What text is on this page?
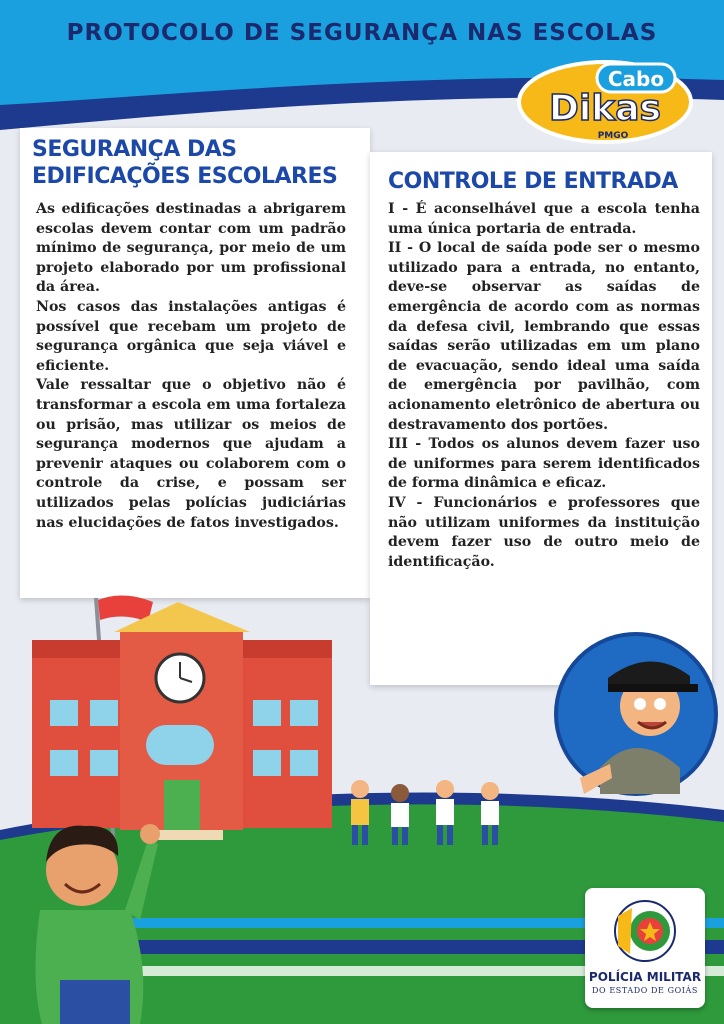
PROTOCOLO DE SEGURANÇA NAS ESCOLAS
Cabo
Dikas
PMGO
SEGURANÇA DAS
EDIFICAÇÕES ESCOLARES

As edificações destinadas a abrigarem escolas devem contar com um padrão mínimo de segurança, por meio de um projeto elaborado por um profissional da área.

Nos casos das instalações antigas é possível que recebam um projeto de segurança orgânica que seja viável e eficiente.

Vale ressaltar que o objetivo não é transformar a escola em uma fortaleza ou prisão, mas utilizar os meios de segurança modernos que ajudam a prevenir ataques ou colaborem com o controle da crise, e possam ser utilizados pelas polícias judiciárias nas elucidações de fatos investigados.

CONTROLE DE ENTRADA

I - É aconselhável que a escola tenha uma única portaria de entrada.

II - O local de saída pode ser o mesmo utilizado para a entrada, no entanto, deve-se observar as saídas de emergência de acordo com as normas da defesa civil, lembrando que essas saídas serão utilizadas em um plano de evacuação, sendo ideal uma saída de emergência por pavilhão, com acionamento eletrônico de abertura ou destravamento dos portões.

III - Todos os alunos devem fazer uso de uniformes para serem identificados de forma dinâmica e eficaz.

IV - Funcionários e professores que não utilizam uniformes da instituição devem fazer uso de outro meio de identificação.

POLÍCIA MILITAR
DO ESTADO DE GOIÁS
